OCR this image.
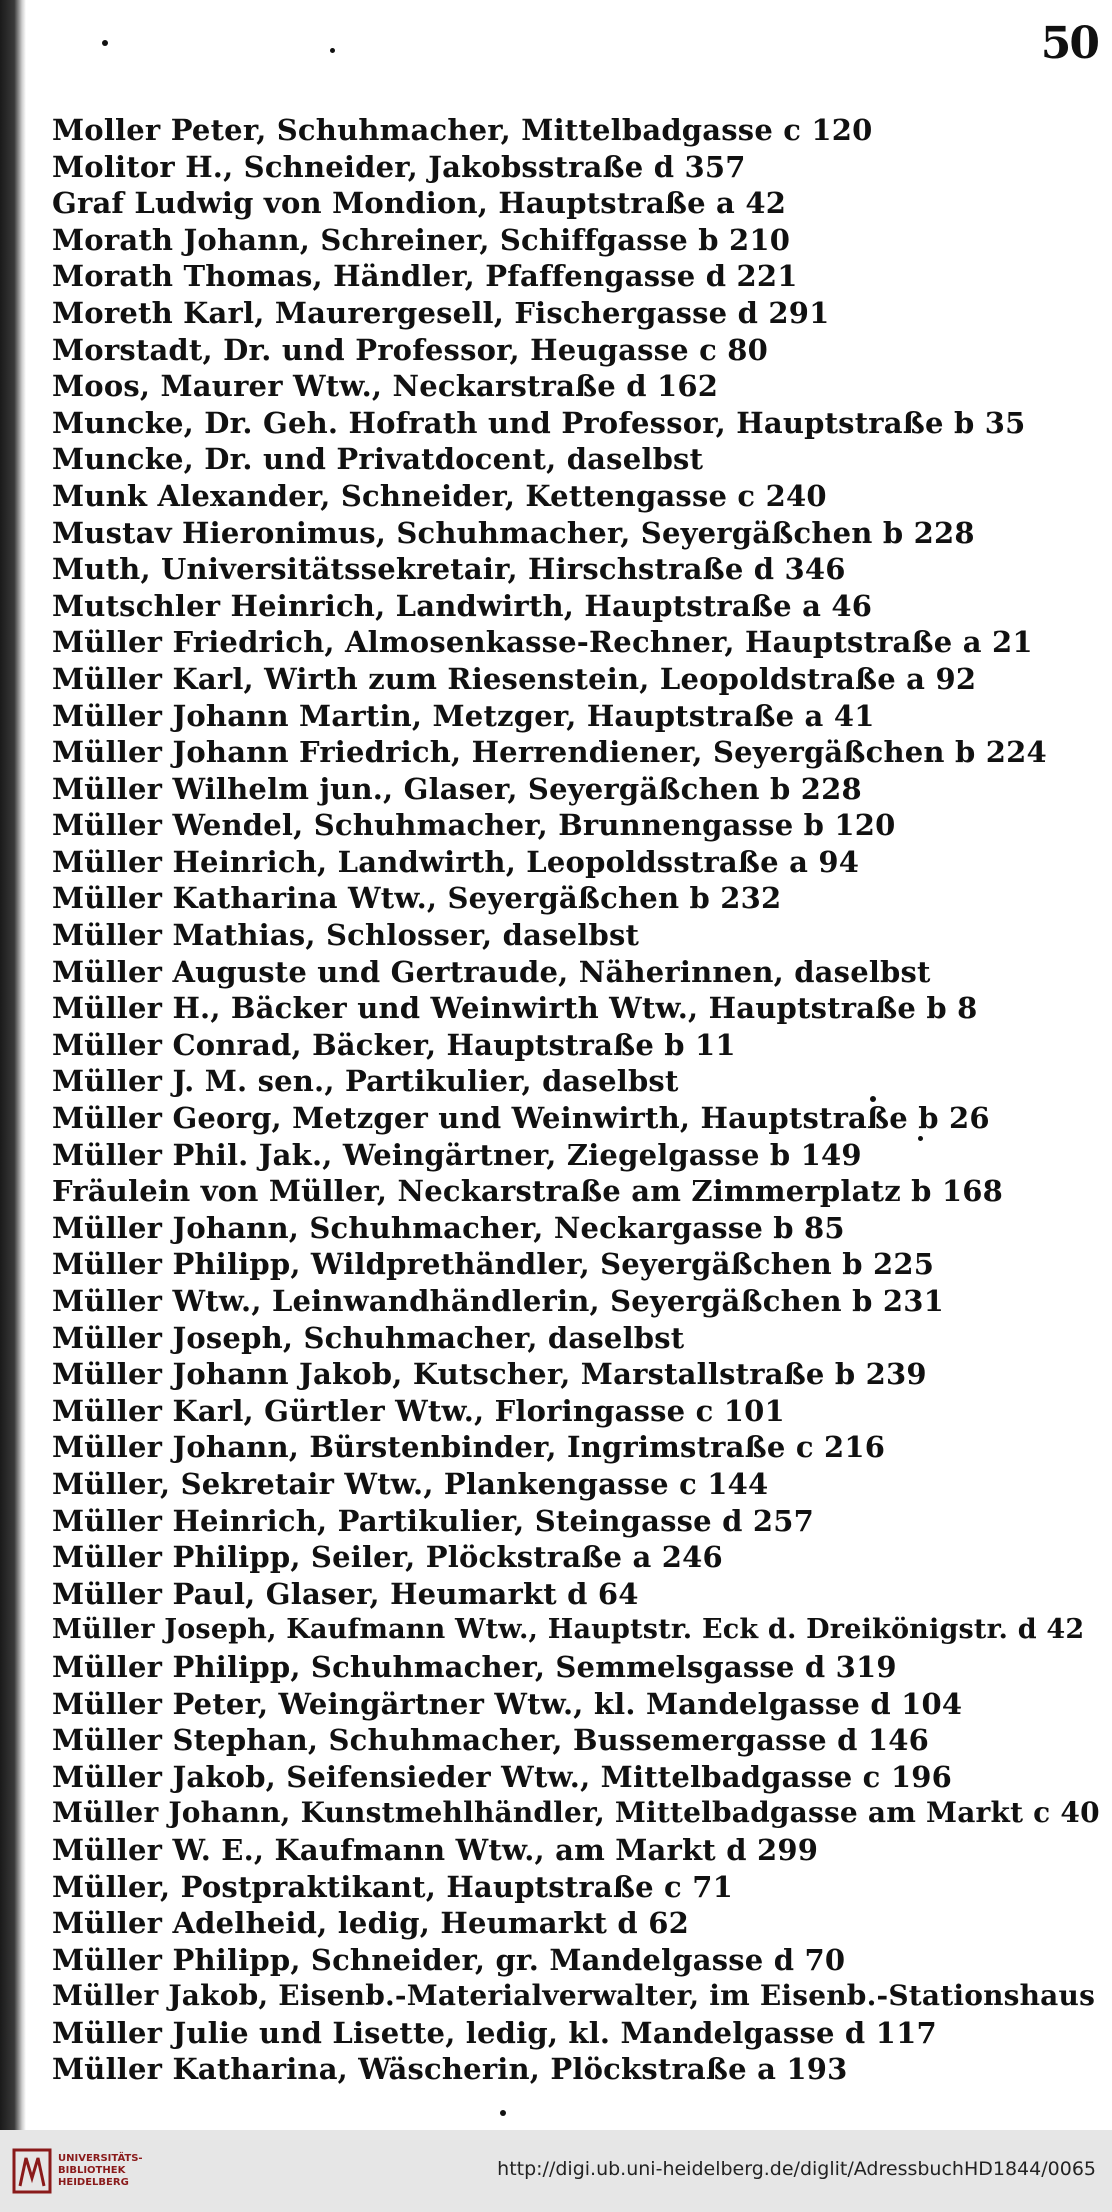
50
Moller Peter, Schuhmacher, Mittelbadgasse c 120
Molitor H., Schneider, Jakobsstraße d 357
Graf Ludwig von Mondion, Hauptstraße a 42
Morath Johann, Schreiner, Schiffgasse b 210
Morath Thomas, Händler, Pfaffengasse d 221
Moreth Karl, Maurergesell, Fischergasse d 291
Morstadt, Dr. und Professor, Heugasse c 80
Moos, Maurer Wtw., Neckarstraße d 162
Muncke, Dr. Geh. Hofrath und Professor, Hauptstraße b 35
Muncke, Dr. und Privatdocent, daselbst
Munk Alexander, Schneider, Kettengasse c 240
Mustav Hieronimus, Schuhmacher, Seyergäßchen b 228
Muth, Universitätssekretair, Hirschstraße d 346
Mutschler Heinrich, Landwirth, Hauptstraße a 46
Müller Friedrich, Almosenkasse-Rechner, Hauptstraße a 21
Müller Karl, Wirth zum Riesenstein, Leopoldstraße a 92
Müller Johann Martin, Metzger, Hauptstraße a 41
Müller Johann Friedrich, Herrendiener, Seyergäßchen b 224
Müller Wilhelm jun., Glaser, Seyergäßchen b 228
Müller Wendel, Schuhmacher, Brunnengasse b 120
Müller Heinrich, Landwirth, Leopoldsstraße a 94
Müller Katharina Wtw., Seyergäßchen b 232
Müller Mathias, Schlosser, daselbst
Müller Auguste und Gertraude, Näherinnen, daselbst
Müller H., Bäcker und Weinwirth Wtw., Hauptstraße b 8
Müller Conrad, Bäcker, Hauptstraße b 11
Müller J. M. sen., Partikulier, daselbst
Müller Georg, Metzger und Weinwirth, Hauptstraße b 26
Müller Phil. Jak., Weingärtner, Ziegelgasse b 149
Fräulein von Müller, Neckarstraße am Zimmerplatz b 168
Müller Johann, Schuhmacher, Neckargasse b 85
Müller Philipp, Wildprethändler, Seyergäßchen b 225
Müller Wtw., Leinwandhändlerin, Seyergäßchen b 231
Müller Joseph, Schuhmacher, daselbst
Müller Johann Jakob, Kutscher, Marstallstraße b 239
Müller Karl, Gürtler Wtw., Floringasse c 101
Müller Johann, Bürstenbinder, Ingrimstraße c 216
Müller, Sekretair Wtw., Plankengasse c 144
Müller Heinrich, Partikulier, Steingasse d 257
Müller Philipp, Seiler, Plöckstraße a 246
Müller Paul, Glaser, Heumarkt d 64
Müller Joseph, Kaufmann Wtw., Hauptstr. Eck d. Dreikönigstr. d 42
Müller Philipp, Schuhmacher, Semmelsgasse d 319
Müller Peter, Weingärtner Wtw., kl. Mandelgasse d 104
Müller Stephan, Schuhmacher, Bussemergasse d 146
Müller Jakob, Seifensieder Wtw., Mittelbadgasse c 196
Müller Johann, Kunstmehlhändler, Mittelbadgasse am Markt c 40
Müller W. E., Kaufmann Wtw., am Markt d 299
Müller, Postpraktikant, Hauptstraße c 71
Müller Adelheid, ledig, Heumarkt d 62
Müller Philipp, Schneider, gr. Mandelgasse d 70
Müller Jakob, Eisenb.-Materialverwalter, im Eisenb.-Stationshaus
Müller Julie und Lisette, ledig, kl. Mandelgasse d 117
Müller Katharina, Wäscherin, Plöckstraße a 193
UNIVERSITÄTS-
BIBLIOTHEK
HEIDELBERG
http://digi.ub.uni-heidelberg.de/diglit/AdressbuchHD1844/0065
